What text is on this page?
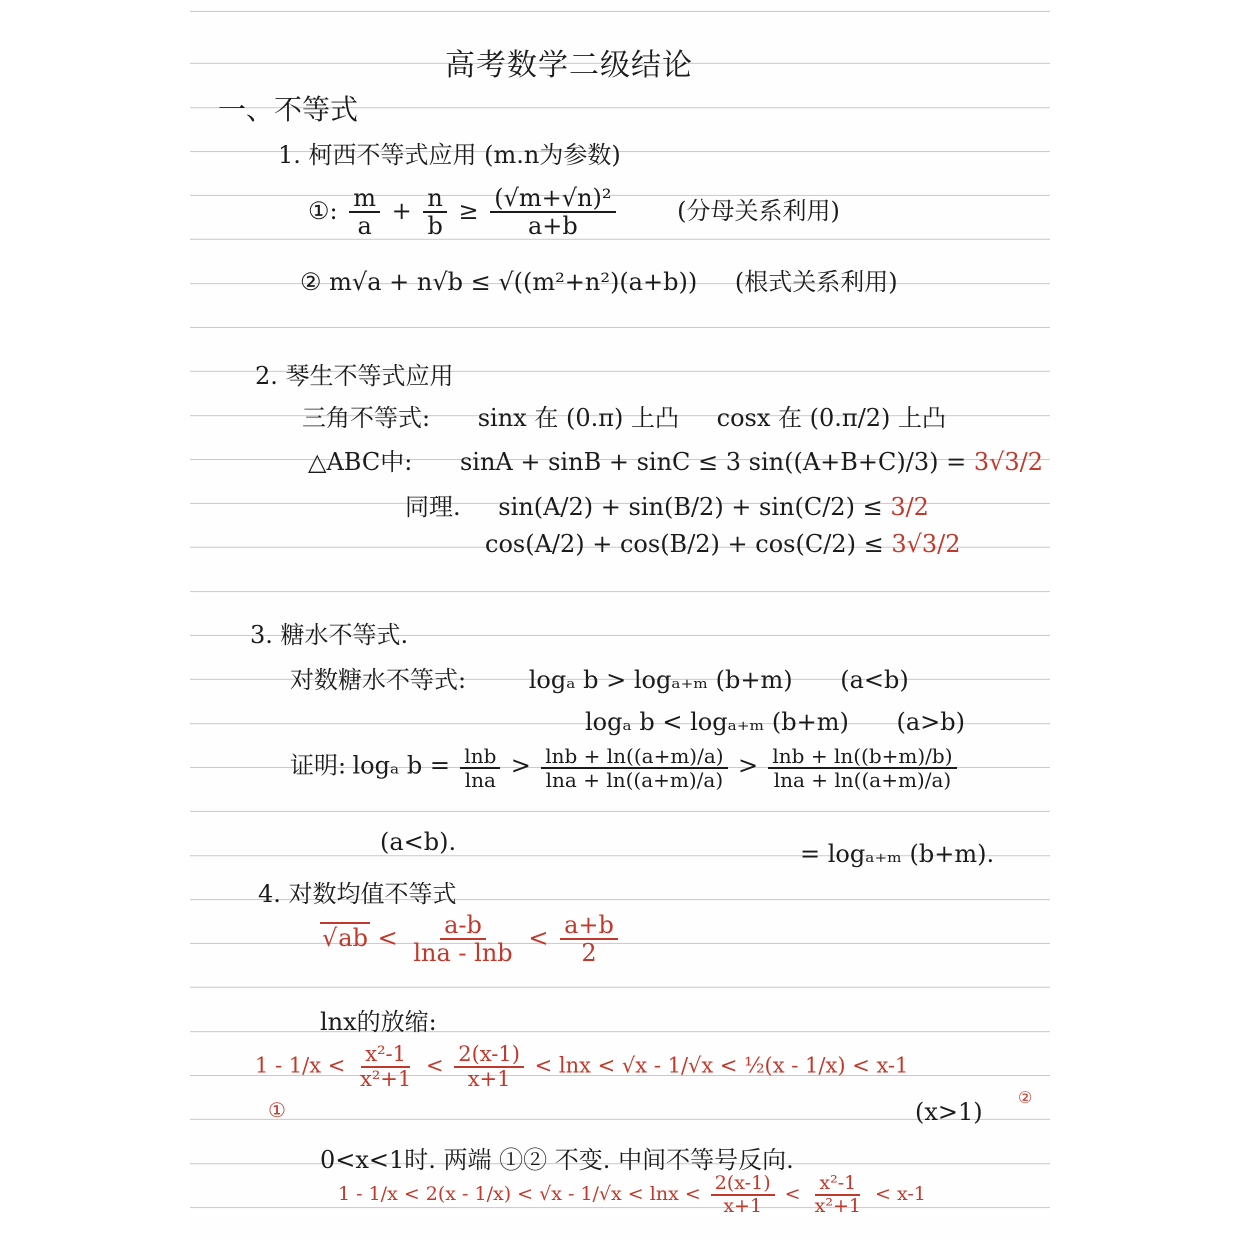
高考数学二级结论
一、不等式
1. 柯西不等式应用 (m.n为参数)
①: $\frac{m}{a} + \frac{n}{b} \ge \frac{\text{(√m+√n)²}}{a+b}$	(分母关系利用)
② m√a + n√b ≤ √((m²+n²)(a+b)) (根式关系利用)
2. 琴生不等式应用
三角不等式: sinx 在 (0.π) 上凸 cosx 在 (0.π/2) 上凸
△ABC中: sinA + sinB + sinC ≤ 3 sin((A+B+C)/3) = 3√3/2
同理. sin(A/2) + sin(B/2) + sin(C/2) ≤ 3/2
cos(A/2) + cos(B/2) + cos(C/2) ≤ 3√3/2
3. 糖水不等式.
对数糖水不等式:	logₐ b > logₐ₊ₘ (b+m) (a<b)
logₐ b < logₐ₊ₘ (b+m) (a>b)
证明: logₐ $b = \frac{\ln b}{\ln a} > \frac{\ln b + \ln((a+m)/a)}{\ln a + \ln((a+m)/a)} > \frac{\ln b + \ln((b+m)/b)}{\ln a + \ln((a+m)/a)}$
(a<b).	= logₐ₊ₘ (b+m).
4. 对数均值不等式
√ ab < $\frac{a-b}{\ln a - \ln b} < \frac{a+b}{2}$
lnx的放缩:
$1 - 1/x < \frac{\text{x²-1}}{\text{x²+1}} < \frac{2(x-1)}{x+1} < \ln x < √x - 1/√x$ < ½(x - 1/x) < x-1
①	(x>1)
②
0<x<1时. 两端 ①② 不变. 中间不等号反向.
$1 - 1/x < 2(x - 1/x) < √x - 1/√x < \ln x < \frac{2(x-1)}{x+1} < \frac{\text{x²-1}}{\text{x²+1}} < x-1$
